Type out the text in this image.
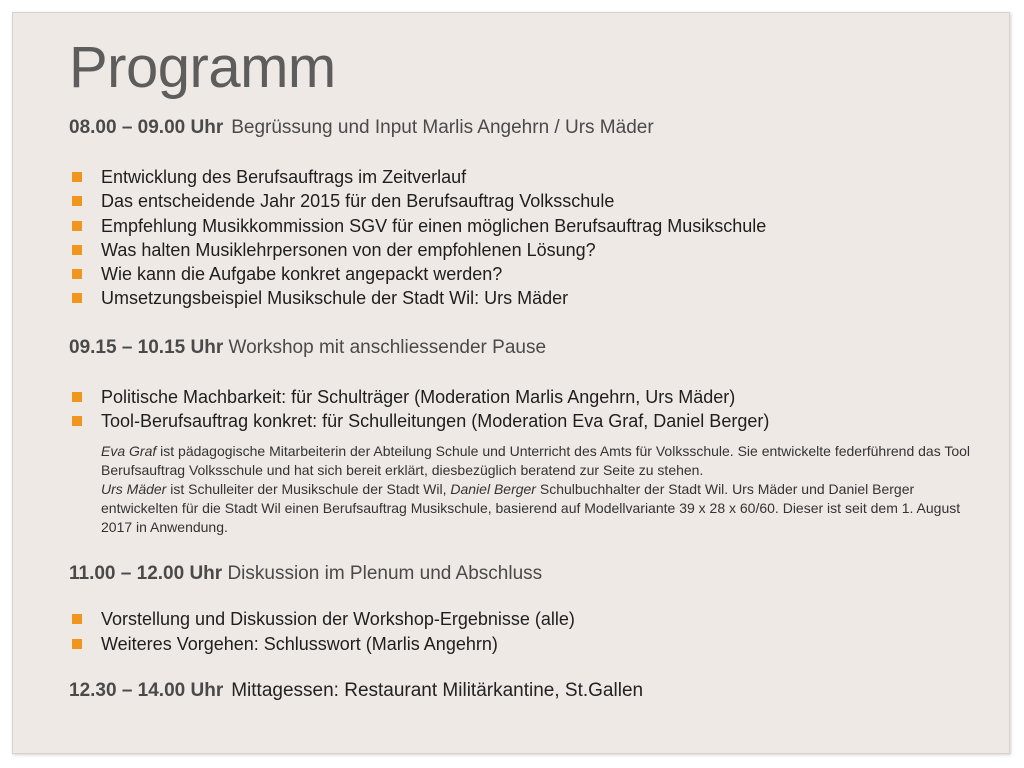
Programm
08.00 – 09.00 Uhr Begrüssung und Input Marlis Angehrn / Urs Mäder
Entwicklung des Berufsauftrags im Zeitverlauf
Das entscheidende Jahr 2015 für den Berufsauftrag Volksschule
Empfehlung Musikkommission SGV für einen möglichen Berufsauftrag Musikschule
Was halten Musiklehrpersonen von der empfohlenen Lösung?
Wie kann die Aufgabe konkret angepackt werden?
Umsetzungsbeispiel Musikschule der Stadt Wil: Urs Mäder
09.15 – 10.15 Uhr Workshop mit anschliessender Pause
Politische Machbarkeit: für Schulträger (Moderation Marlis Angehrn, Urs Mäder)
Tool-Berufsauftrag konkret: für Schulleitungen (Moderation Eva Graf, Daniel Berger)
Eva Graf ist pädagogische Mitarbeiterin der Abteilung Schule und Unterricht des Amts für Volksschule. Sie entwickelte federführend das Tool Berufsauftrag Volksschule und hat sich bereit erklärt, diesbezüglich beratend zur Seite zu stehen.
Urs Mäder ist Schulleiter der Musikschule der Stadt Wil, Daniel Berger Schulbuchhalter der Stadt Wil. Urs Mäder und Daniel Berger entwickelten für die Stadt Wil einen Berufsauftrag Musikschule, basierend auf Modellvariante 39 x 28 x 60/60. Dieser ist seit dem 1. August 2017 in Anwendung.
11.00 – 12.00 Uhr Diskussion im Plenum und Abschluss
Vorstellung und Diskussion der Workshop-Ergebnisse (alle)
Weiteres Vorgehen: Schlusswort (Marlis Angehrn)
12.30 – 14.00 Uhr Mittagessen: Restaurant Militärkantine, St.Gallen
